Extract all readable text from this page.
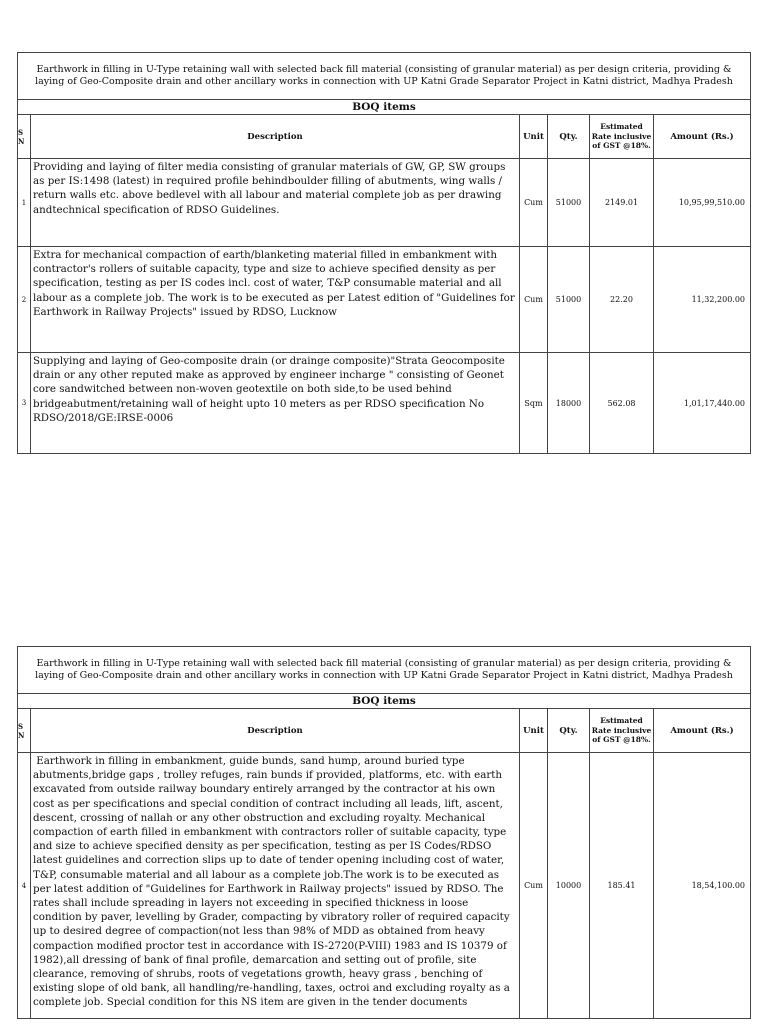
Earthwork in filling in U-Type retaining wall with selected back fill material (consisting of granular material) as per design criteria, providing & laying of Geo-Composite drain and other ancillary works in connection with UP Katni Grade Separator Project in Katni district, Madhya Pradesh					
BOQ items					
S N	Description	Unit	Qty.	Estimated Rate inclusive of GST @18%.	Amount (Rs.)
1	Providing and laying of filter media consisting of granular materials of GW, GP, SW groups as per IS:1498 (latest) in required profile behindboulder filling of abutments, wing walls / return walls etc. above bedlevel with all labour and material complete job as per drawing andtechnical specification of RDSO Guidelines.	Cum	51000	2149.01	10,95,99,510.00
2	Extra for mechanical compaction of earth/blanketing material filled in embankment with contractor's rollers of suitable capacity, type and size to achieve specified density as per specification, testing as per IS codes incl. cost of water, T&P consumable material and all labour as a complete job. The work is to be executed as per Latest edition of "Guidelines for Earthwork in Railway Projects" issued by RDSO, Lucknow	Cum	51000	22.20	11,32,200.00
3	Supplying and laying of Geo-composite drain (or drainge composite)"Strata Geocomposite drain or any other reputed make as approved by engineer incharge " consisting of Geonet core sandwitched between non-woven geotextile on both side,to be used behind bridgeabutment/retaining wall of height upto 10 meters as per RDSO specification No RDSO/2018/GE:IRSE-0006	Sqm	18000	562.08	1,01,17,440.00
Earthwork in filling in U-Type retaining wall with selected back fill material (consisting of granular material) as per design criteria, providing & laying of Geo-Composite drain and other ancillary works in connection with UP Katni Grade Separator Project in Katni district, Madhya Pradesh					
BOQ items					
S N	Description	Unit	Qty.	Estimated Rate inclusive of GST @18%.	Amount (Rs.)
4	Earthwork in filling in embankment, guide bunds, sand hump, around buried type abutments,bridge gaps , trolley refuges, rain bunds if provided, platforms, etc. with earth excavated from outside railway boundary entirely arranged by the contractor at his own cost as per specifications and special condition of contract including all leads, lift, ascent, descent, crossing of nallah or any other obstruction and excluding royalty. Mechanical compaction of earth filled in embankment with contractors roller of suitable capacity, type and size to achieve specified density as per specification, testing as per IS Codes/RDSO latest guidelines and correction slips up to date of tender opening including cost of water, T&P, consumable material and all labour as a complete job.The work is to be executed as per latest addition of "Guidelines for Earthwork in Railway projects" issued by RDSO. The rates shall include spreading in layers not exceeding in specified thickness in loose condition by paver, levelling by Grader, compacting by vibratory roller of required capacity up to desired degree of compaction(not less than 98% of MDD as obtained from heavy compaction modified proctor test in accordance with IS-2720(P-VIII) 1983 and IS 10379 of 1982),all dressing of bank of final profile, demarcation and setting out of profile, site clearance, removing of shrubs, roots of vegetations growth, heavy grass , benching of existing slope of old bank, all handling/re-handling, taxes, octroi and excluding royalty as a complete job. Special condition for this NS item are given in the tender documents	Cum	10000	185.41	18,54,100.00
